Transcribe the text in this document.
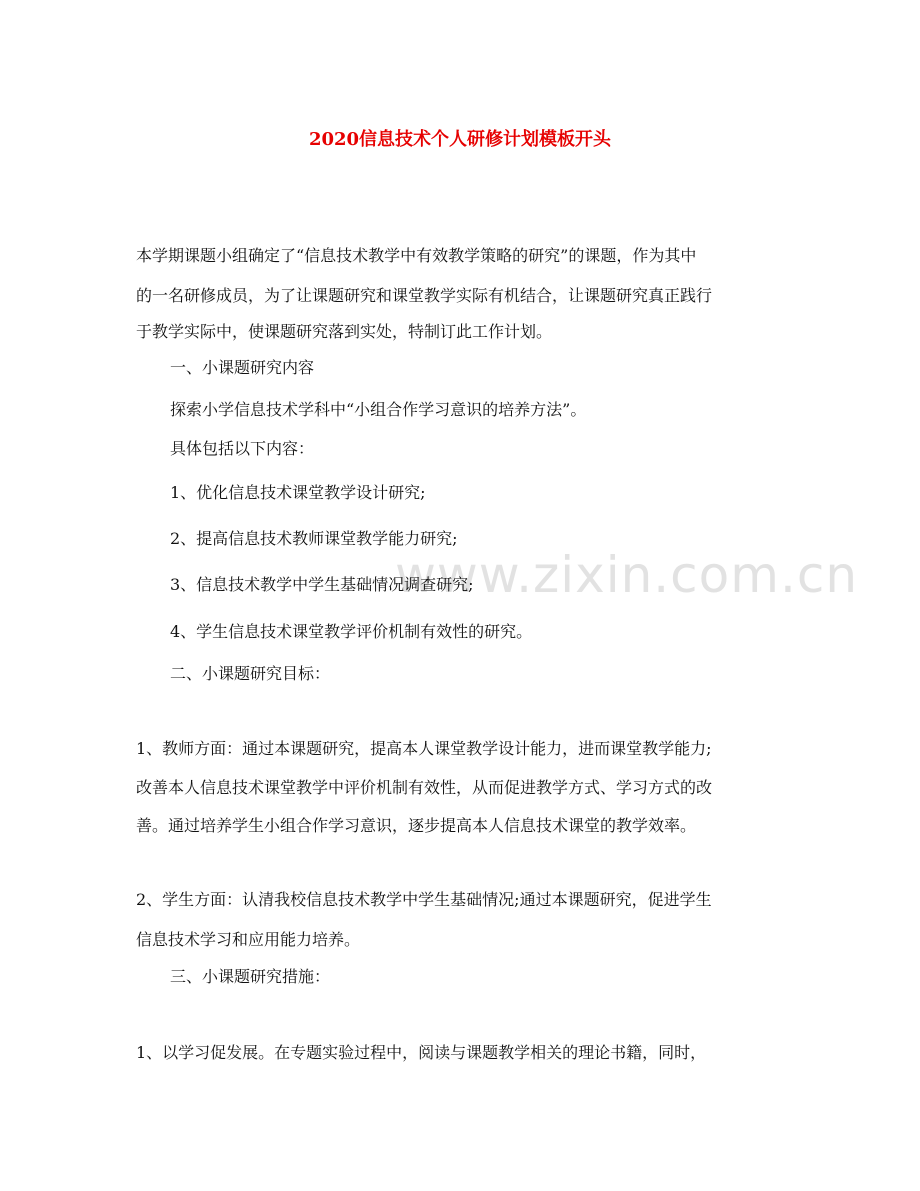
2020信息技术个人研修计划模板开头
www.zixin.com.cn
本学期课题小组确定了“信息技术教学中有效教学策略的研究”的课题，作为其中
的一名研修成员，为了让课题研究和课堂教学实际有机结合，让课题研究真正践行
于教学实际中，使课题研究落到实处，特制订此工作计划。
一、小课题研究内容
探索小学信息技术学科中“小组合作学习意识的培养方法”。
具体包括以下内容：
1、优化信息技术课堂教学设计研究;
2、提高信息技术教师课堂教学能力研究;
3、信息技术教学中学生基础情况调查研究;
4、学生信息技术课堂教学评价机制有效性的研究。
二、小课题研究目标：
1、教师方面：通过本课题研究，提高本人课堂教学设计能力，进而课堂教学能力;
改善本人信息技术课堂教学中评价机制有效性，从而促进教学方式、学习方式的改
善。通过培养学生小组合作学习意识，逐步提高本人信息技术课堂的教学效率。
2、学生方面：认清我校信息技术教学中学生基础情况;通过本课题研究，促进学生
信息技术学习和应用能力培养。
三、小课题研究措施：
1、以学习促发展。在专题实验过程中，阅读与课题教学相关的理论书籍，同时，
